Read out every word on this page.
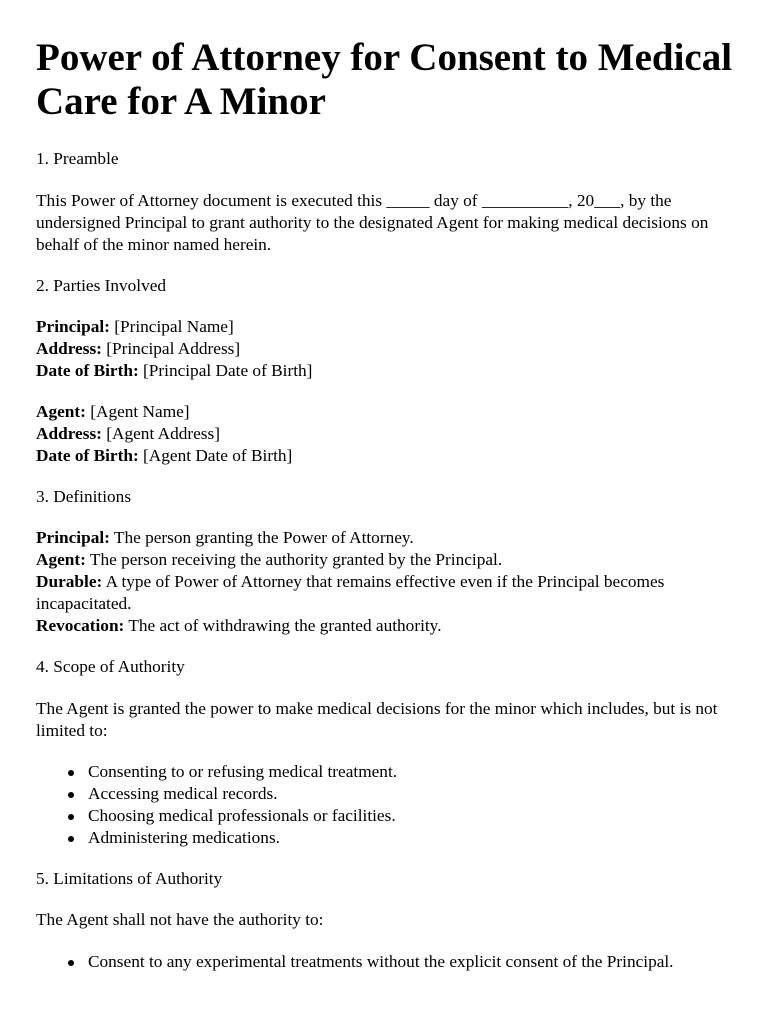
Power of Attorney for Consent to Medical Care for A Minor
1. Preamble
This Power of Attorney document is executed this _____ day of __________, 20___, by the undersigned Principal to grant authority to the designated Agent for making medical decisions on behalf of the minor named herein.
2. Parties Involved
Principal: [Principal Name]
Address: [Principal Address]
Date of Birth: [Principal Date of Birth]
Agent: [Agent Name]
Address: [Agent Address]
Date of Birth: [Agent Date of Birth]
3. Definitions
Principal: The person granting the Power of Attorney.
Agent: The person receiving the authority granted by the Principal.
Durable: A type of Power of Attorney that remains effective even if the Principal becomes incapacitated.
Revocation: The act of withdrawing the granted authority.
4. Scope of Authority
The Agent is granted the power to make medical decisions for the minor which includes, but is not limited to:
Consenting to or refusing medical treatment.
Accessing medical records.
Choosing medical professionals or facilities.
Administering medications.
5. Limitations of Authority
The Agent shall not have the authority to:
Consent to any experimental treatments without the explicit consent of the Principal.
